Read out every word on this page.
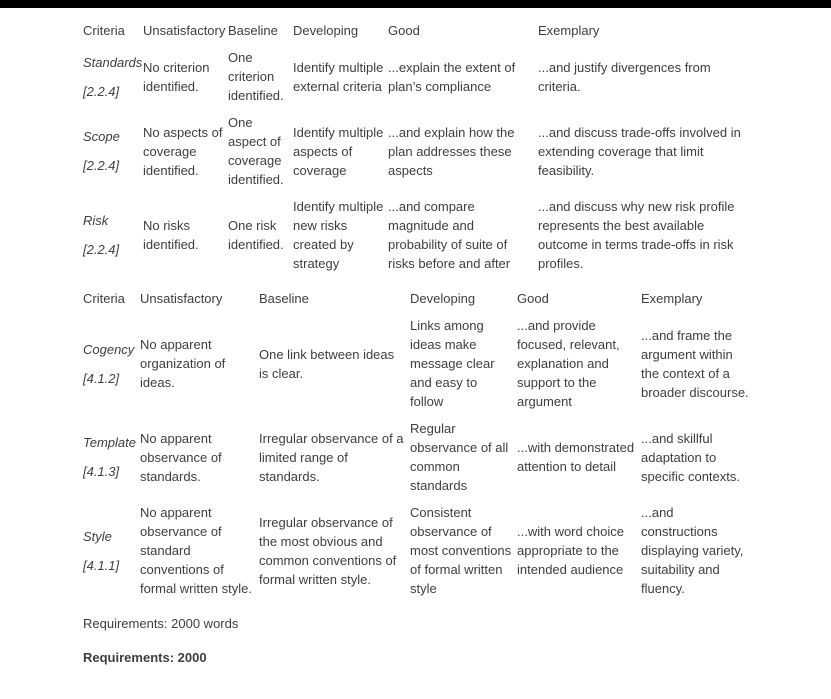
Criteria	Unsatisfactory	Baseline	Developing	Good	Exemplary

Standards
[2.2.4]	No criterion identified.	One criterion identified.	Identify multiple external criteria	...explain the extent of plan’s compliance	...and justify divergences from criteria.

Scope
[2.2.4]	No aspects of coverage identified.	One aspect of coverage identified.	Identify multiple aspects of coverage	...and explain how the plan addresses these aspects	...and discuss trade-offs involved in extending coverage that limit feasibility.

Risk
[2.2.4]	No risks identified.	One risk identified.	Identify multiple new risks created by strategy	...and compare magnitude and probability of suite of risks before and after	...and discuss why new risk profile represents the best available outcome in terms trade-offs in risk profiles.
Criteria	Unsatisfactory	Baseline	Developing	Good	Exemplary

Cogency
[4.1.2]	No apparent organization of ideas.	One link between ideas is clear.	Links among ideas make message clear and easy to follow	...and provide focused, relevant, explanation and support to the argument	...and frame the argument within the context of a broader discourse.

Template
[4.1.3]	No apparent observance of standards.	Irregular observance of a limited range of standards.	Regular observance of all common standards	...with demonstrated attention to detail	...and skillful adaptation to specific contexts.

Style
[4.1.1]	No apparent observance of standard conventions of formal written style.	Irregular observance of the most obvious and common conventions of formal written style.	Consistent observance of most conventions of formal written style	...with word choice appropriate to the intended audience	...and constructions displaying variety, suitability and fluency.

Requirements: 2000 words

Requirements: 2000
